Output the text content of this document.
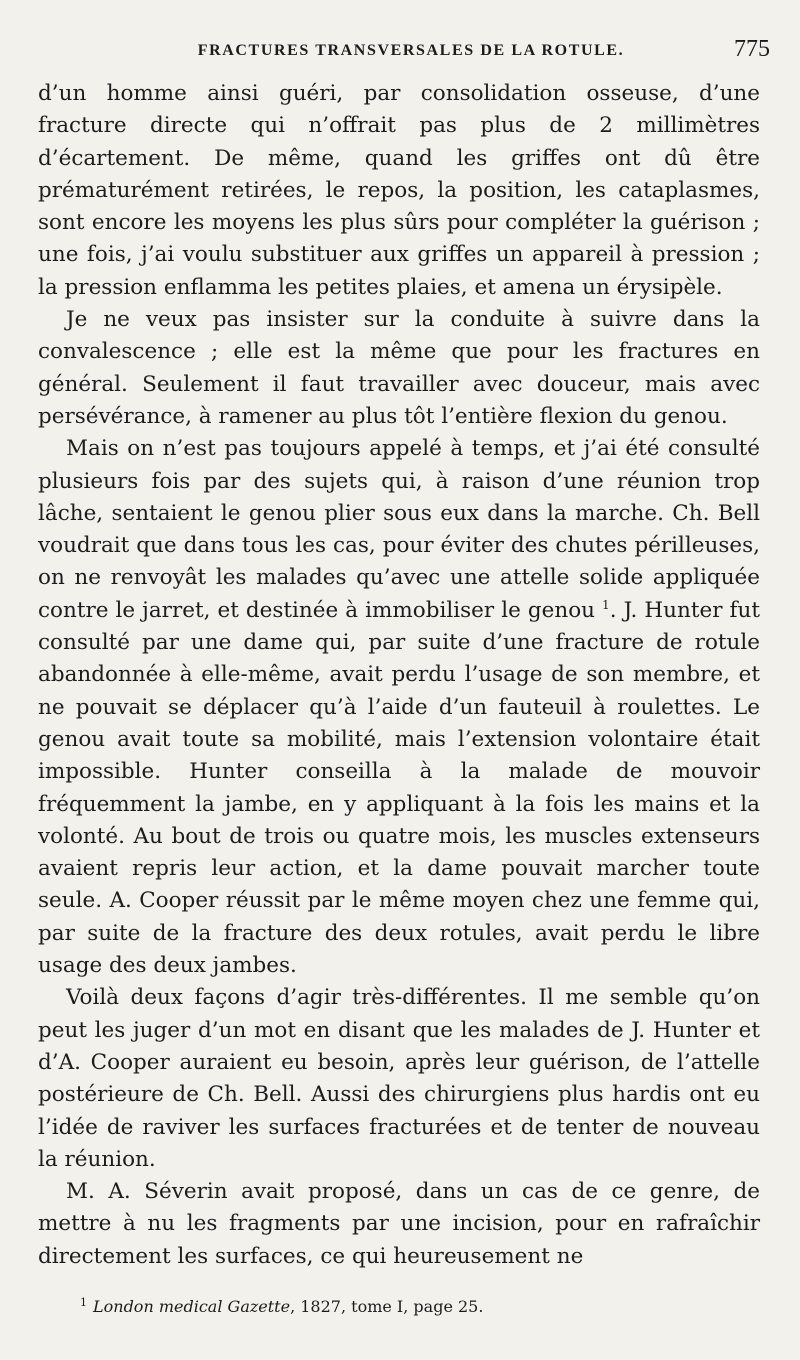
FRACTURES TRANSVERSALES DE LA ROTULE.	775

d’un homme ainsi guéri, par consolidation osseuse, d’une fracture directe qui n’offrait pas plus de 2 millimètres d’écartement. De même, quand les griffes ont dû être prématurément retirées, le repos, la position, les cataplasmes, sont encore les moyens les plus sûrs pour compléter la guérison ; une fois, j’ai voulu substituer aux griffes un appareil à pression ; la pression enflamma les petites plaies, et amena un érysipèle.

Je ne veux pas insister sur la conduite à suivre dans la convalescence ; elle est la même que pour les fractures en général. Seulement il faut travailler avec douceur, mais avec persévérance, à ramener au plus tôt l’entière flexion du genou.

Mais on n’est pas toujours appelé à temps, et j’ai été consulté plusieurs fois par des sujets qui, à raison d’une réunion trop lâche, sentaient le genou plier sous eux dans la marche. Ch. Bell voudrait que dans tous les cas, pour éviter des chutes périlleuses, on ne renvoyât les malades qu’avec une attelle solide appliquée contre le jarret, et destinée à immobiliser le genou $^1$. J. Hunter fut consulté par une dame qui, par suite d’une fracture de rotule abandonnée à elle-même, avait perdu l’usage de son membre, et ne pouvait se déplacer qu’à l’aide d’un fauteuil à roulettes. Le genou avait toute sa mobilité, mais l’extension volontaire était impossible. Hunter conseilla à la malade de mouvoir fréquemment la jambe, en y appliquant à la fois les mains et la volonté. Au bout de trois ou quatre mois, les muscles extenseurs avaient repris leur action, et la dame pouvait marcher toute seule. A. Cooper réussit par le même moyen chez une femme qui, par suite de la fracture des deux rotules, avait perdu le libre usage des deux jambes.

Voilà deux façons d’agir très-différentes. Il me semble qu’on peut les juger d’un mot en disant que les malades de J. Hunter et d’A. Cooper auraient eu besoin, après leur guérison, de l’attelle postérieure de Ch. Bell. Aussi des chirurgiens plus hardis ont eu l’idée de raviver les surfaces fracturées et de tenter de nouveau la réunion.

M. A. Séverin avait proposé, dans un cas de ce genre, de mettre à nu les fragments par une incision, pour en rafraîchir directement les surfaces, ce qui heureusement ne

$^1$ London medical Gazette, 1827, tome I, page 25.
